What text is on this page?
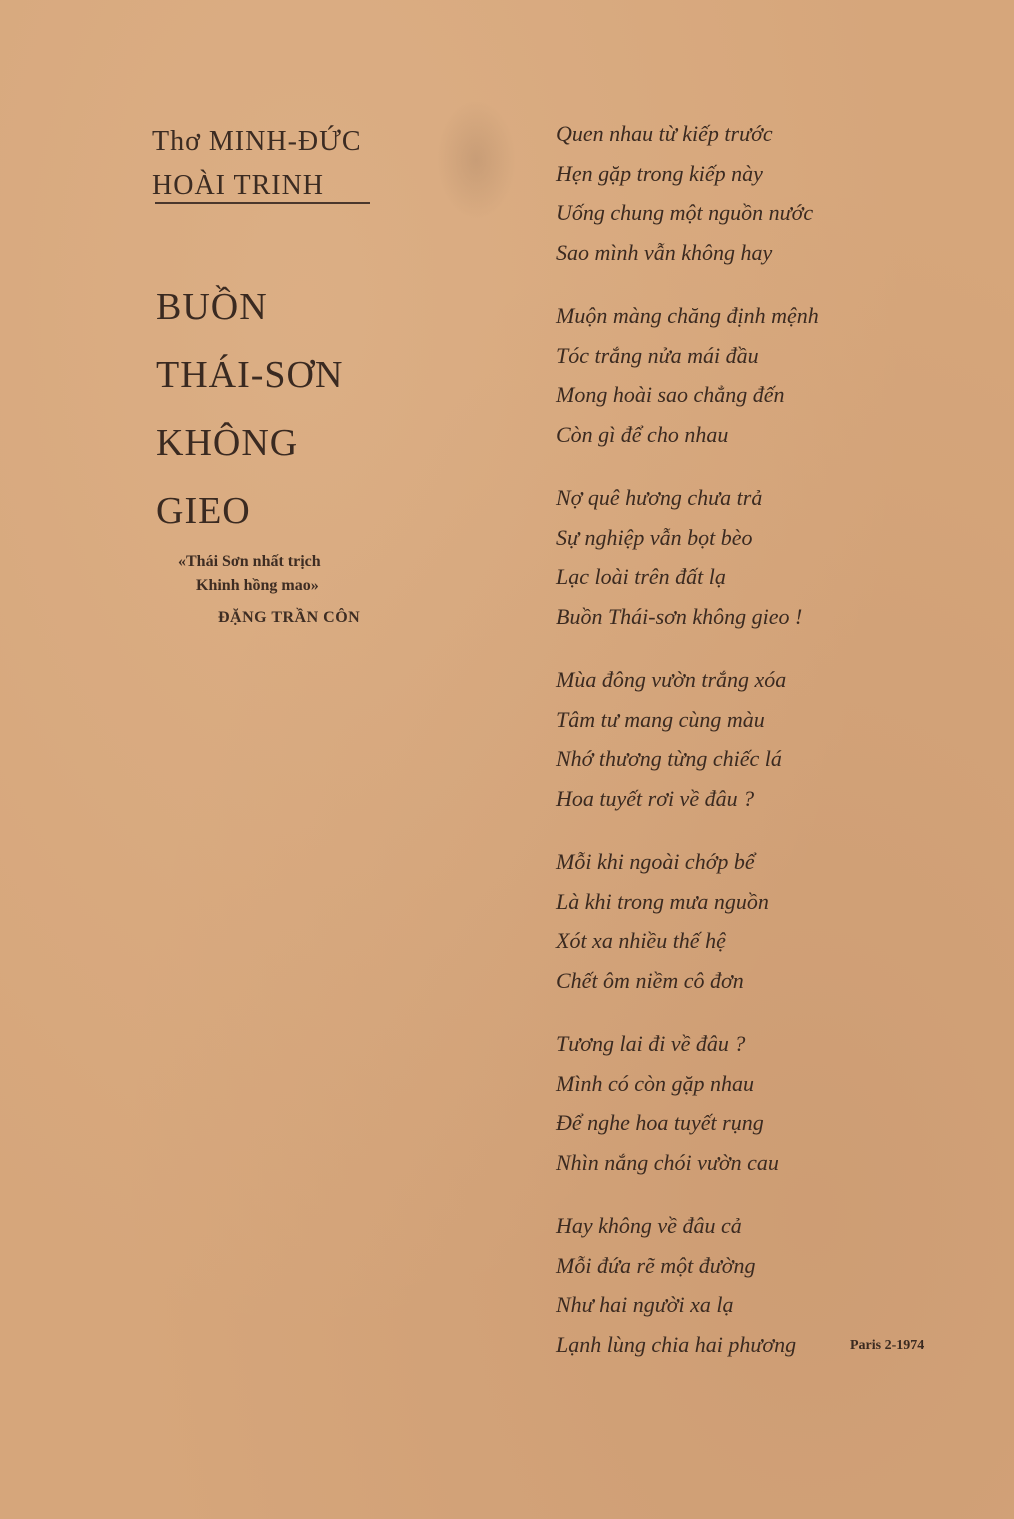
Thơ MINH-ĐỨC
HOÀI TRINH
BUỒN
THÁI-SƠN
KHÔNG
GIEO
«Thái Sơn nhất trịch
Khinh hồng mao»
ĐẶNG TRẦN CÔN
Quen nhau từ kiếp trước
Hẹn gặp trong kiếp này
Uống chung một nguồn nước
Sao mình vẫn không hay
Muộn màng chăng định mệnh
Tóc trắng nửa mái đầu
Mong hoài sao chẳng đến
Còn gì để cho nhau
Nợ quê hương chưa trả
Sự nghiệp vẫn bọt bèo
Lạc loài trên đất lạ
Buồn Thái-sơn không gieo !
Mùa đông vườn trắng xóa
Tâm tư mang cùng màu
Nhớ thương từng chiếc lá
Hoa tuyết rơi về đâu ?
Mỗi khi ngoài chớp bể
Là khi trong mưa nguồn
Xót xa nhiều thế hệ
Chết ôm niềm cô đơn
Tương lai đi về đâu ?
Mình có còn gặp nhau
Để nghe hoa tuyết rụng
Nhìn nắng chói vườn cau
Hay không về đâu cả
Mỗi đứa rẽ một đường
Như hai người xa lạ
Lạnh lùng chia hai phương	Paris 2-1974
